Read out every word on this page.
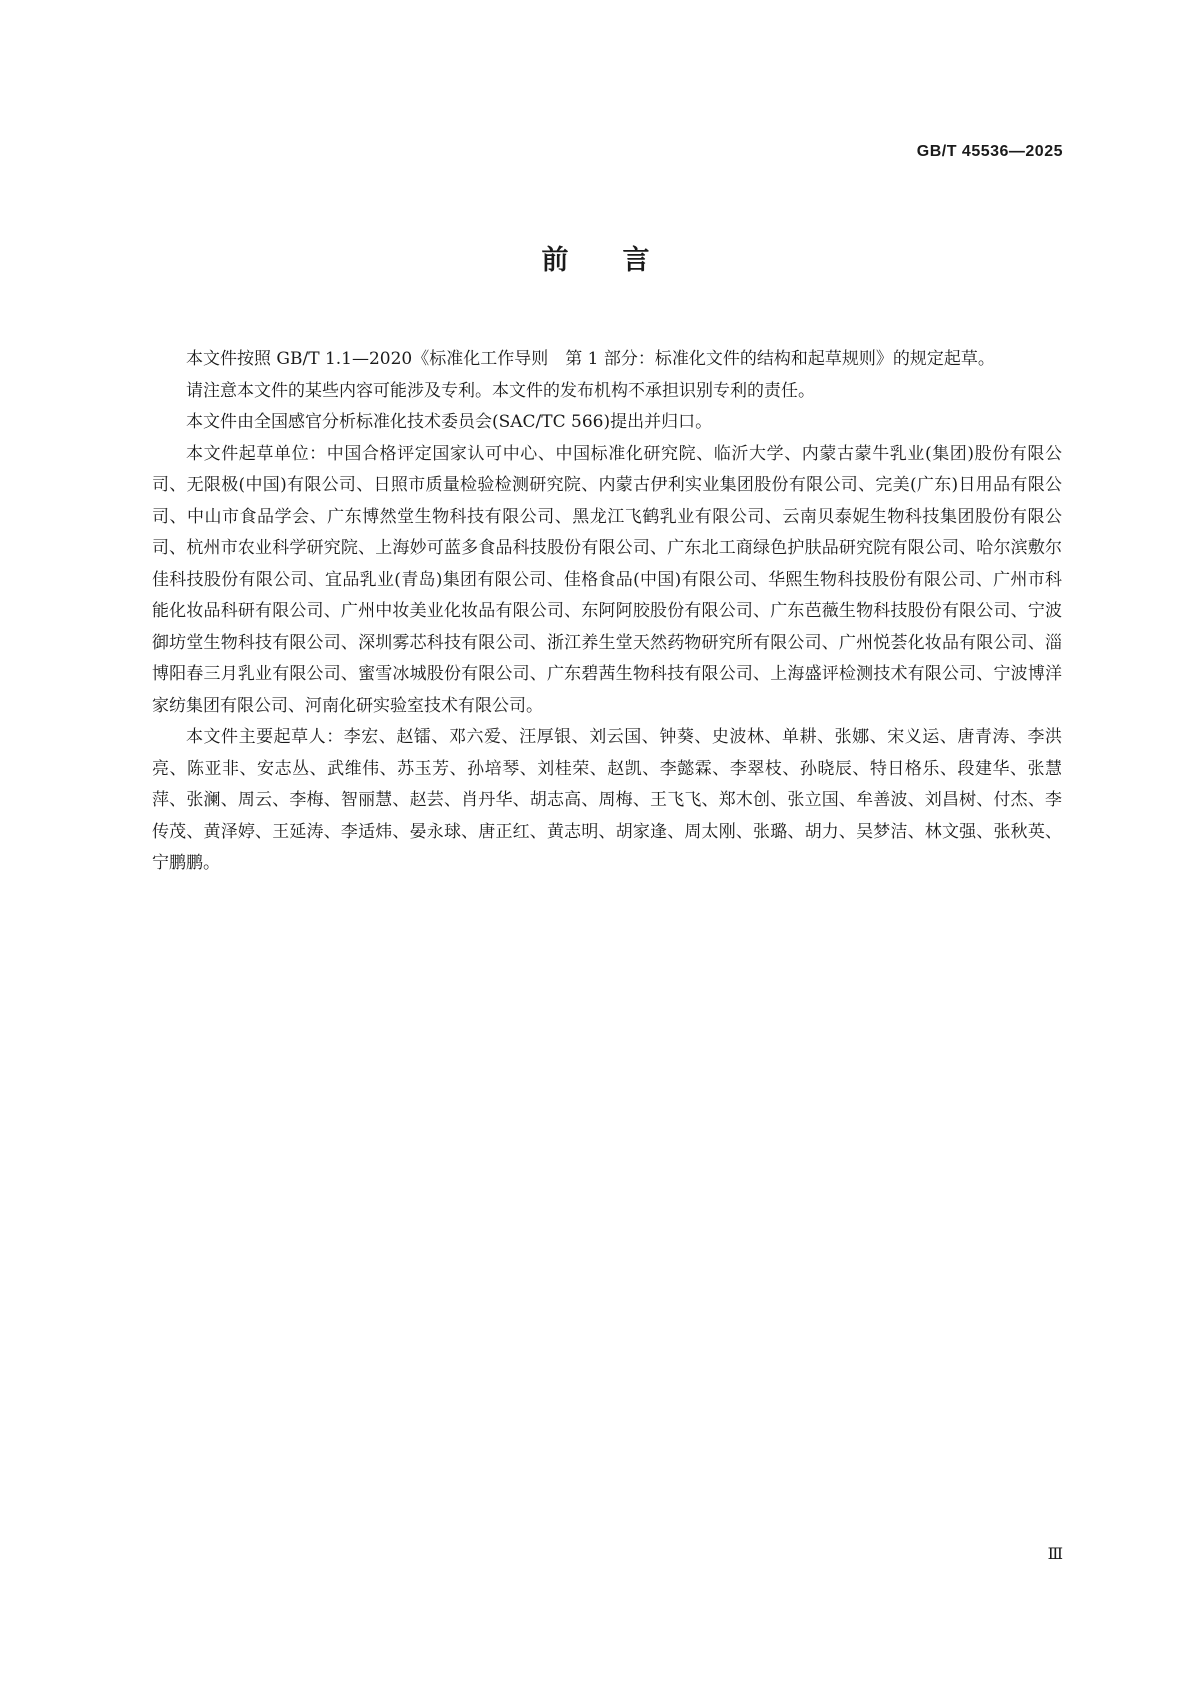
GB/T 45536—2025
前言

本文件按照 GB/T 1.1—2020《标准化工作导则　第 1 部分：标准化文件的结构和起草规则》的规定起草。

请注意本文件的某些内容可能涉及专利。本文件的发布机构不承担识别专利的责任。

本文件由全国感官分析标准化技术委员会(SAC/TC 566)提出并归口。

本文件起草单位：中国合格评定国家认可中心、中国标准化研究院、临沂大学、内蒙古蒙牛乳业(集团)股份有限公司、无限极(中国)有限公司、日照市质量检验检测研究院、内蒙古伊利实业集团股份有限公司、完美(广东)日用品有限公司、中山市食品学会、广东博然堂生物科技有限公司、黑龙江飞鹤乳业有限公司、云南贝泰妮生物科技集团股份有限公司、杭州市农业科学研究院、上海妙可蓝多食品科技股份有限公司、广东北工商绿色护肤品研究院有限公司、哈尔滨敷尔佳科技股份有限公司、宜品乳业(青岛)集团有限公司、佳格食品(中国)有限公司、华熙生物科技股份有限公司、广州市科能化妆品科研有限公司、广州中妆美业化妆品有限公司、东阿阿胶股份有限公司、广东芭薇生物科技股份有限公司、宁波御坊堂生物科技有限公司、深圳雾芯科技有限公司、浙江养生堂天然药物研究所有限公司、广州悦荟化妆品有限公司、淄博阳春三月乳业有限公司、蜜雪冰城股份有限公司、广东碧茜生物科技有限公司、上海盛评检测技术有限公司、宁波博洋家纺集团有限公司、河南化研实验室技术有限公司。

本文件主要起草人：李宏、赵镭、邓六爱、汪厚银、刘云国、钟葵、史波林、单耕、张娜、宋义运、唐青涛、李洪亮、陈亚非、安志丛、武维伟、苏玉芳、孙培琴、刘桂荣、赵凯、李懿霖、李翠枝、孙晓辰、特日格乐、段建华、张慧萍、张澜、周云、李梅、智丽慧、赵芸、肖丹华、胡志高、周梅、王飞飞、郑木创、张立国、牟善波、刘昌树、付杰、李传茂、黄泽婷、王延涛、李适炜、晏永球、唐正红、黄志明、胡家逢、周太刚、张璐、胡力、吴梦洁、林文强、张秋英、宁鹏鹏。

Ⅲ
